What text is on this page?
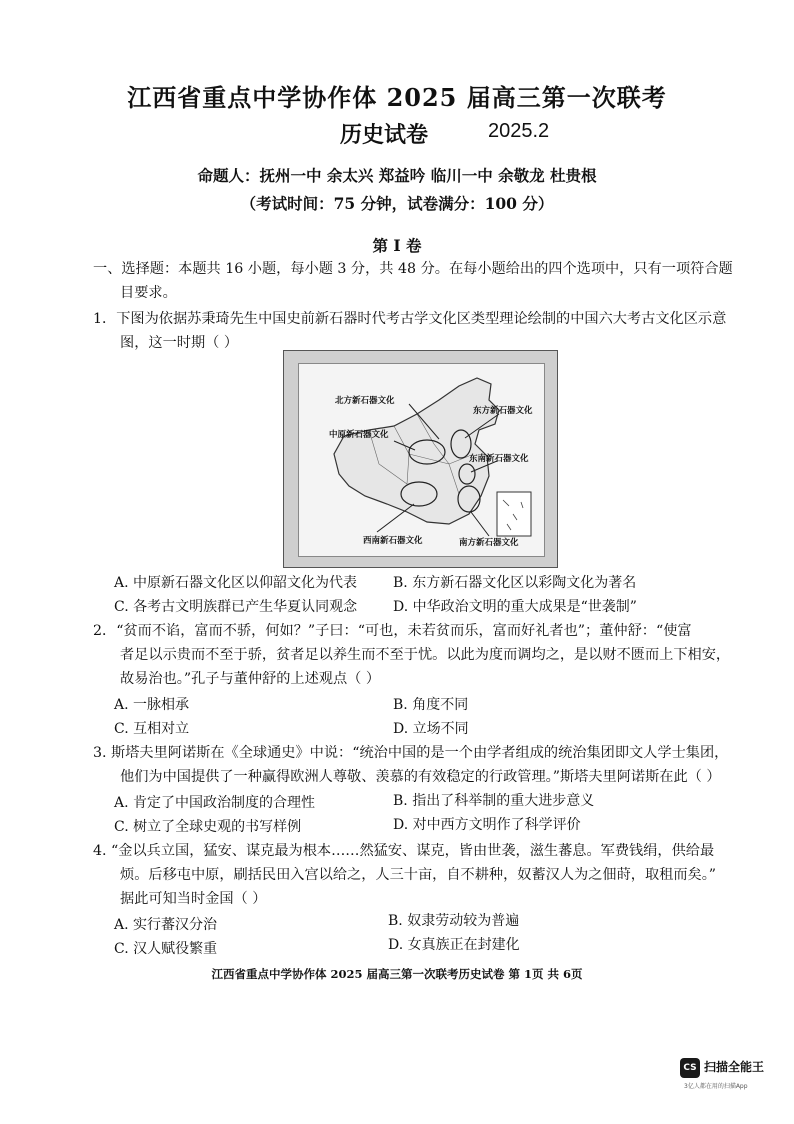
江西省重点中学协作体 2025 届高三第一次联考
历史试卷	2025.2
命题人：抚州一中 余太兴 郑益吟 临川一中 余敬龙 杜贵根
（考试时间：75 分钟，试卷满分：100 分）
第 I 卷
一、选择题：本题共 16 小题，每小题 3 分，共 48 分。在每小题给出的四个选项中，只有一项符合题
目要求。
1．下图为依据苏秉琦先生中国史前新石器时代考古学文化区类型理论绘制的中国六大考古文化区示意
图，这一时期（ ）
北方新石器文化
中原新石器文化
东方新石器文化
东南新石器文化
西南新石器文化	南方新石器文化
A. 中原新石器文化区以仰韶文化为代表	B. 东方新石器文化区以彩陶文化为著名
C. 各考古文明族群已产生华夏认同观念	D. 中华政治文明的重大成果是“世袭制”
2．“贫而不谄，富而不骄，何如？”子曰：“可也，未若贫而乐，富而好礼者也”；董仲舒：“使富
者足以示贵而不至于骄，贫者足以养生而不至于忧。以此为度而调均之，是以财不匮而上下相安，
故易治也。”孔子与董仲舒的上述观点（ ）
A. 一脉相承	B. 角度不同
C. 互相对立	D. 立场不同
3. 斯塔夫里阿诺斯在《全球通史》中说：“统治中国的是一个由学者组成的统治集团即文人学士集团，
他们为中国提供了一种赢得欧洲人尊敬、羡慕的有效稳定的行政管理。”斯塔夫里阿诺斯在此（ ）
A. 肯定了中国政治制度的合理性	B. 指出了科举制的重大进步意义
C. 树立了全球史观的书写样例	D. 对中西方文明作了科学评价
4. “金以兵立国，猛安、谋克最为根本……然猛安、谋克，皆由世袭，滋生蕃息。军费钱绢，供给最
烦。后移屯中原，刷括民田入宫以给之，人三十亩，自不耕种，奴蓄汉人为之佃莳，取租而矣。”
据此可知当时金国（ ）
A. 实行蕃汉分治	B. 奴隶劳动较为普遍
C. 汉人赋役繁重	D. 女真族正在封建化
江西省重点中学协作体 2025 届高三第一次联考历史试卷 第 1页 共 6页
CS 扫描全能王
3亿人都在用的扫描App
